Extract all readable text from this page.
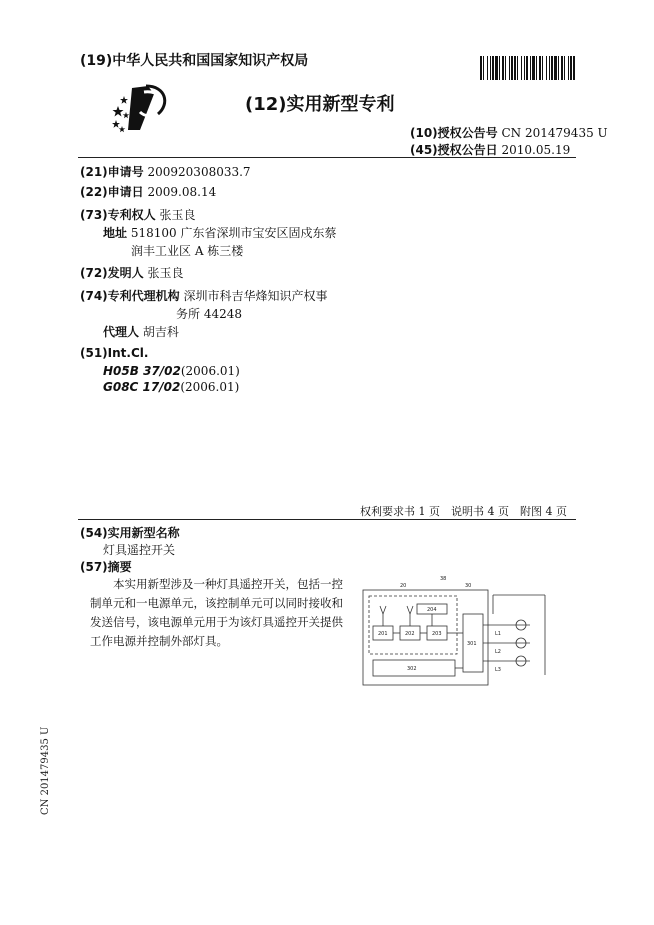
(19)中华人民共和国国家知识产权局
(12)实用新型专利
(10)授权公告号 CN 201479435 U
(45)授权公告日 2010.05.19
(21)申请号 200920308033.7
(22)申请日 2009.08.14
(73)专利权人 张玉良
地址 518100 广东省深圳市宝安区固戍东蔡
润丰工业区 A 栋三楼
(72)发明人 张玉良
(74)专利代理机构 深圳市科吉华烽知识产权事
务所 44248
代理人 胡吉科
(51)Int.Cl.
H05B 37/02(2006.01)
G08C 17/02(2006.01)
权利要求书 1 页　说明书 4 页　附图 4 页
(54)实用新型名称
灯具遥控开关
(57)摘要

本实用新型涉及一种灯具遥控开关，包括一控制单元和一电源单元，该控制单元可以同时接收和发送信号，该电源单元用于为该灯具遥控开关提供工作电源并控制外部灯具。

38
20	30
204
201	202	203
301
302
L1
L2
L3
CN 201479435 U
